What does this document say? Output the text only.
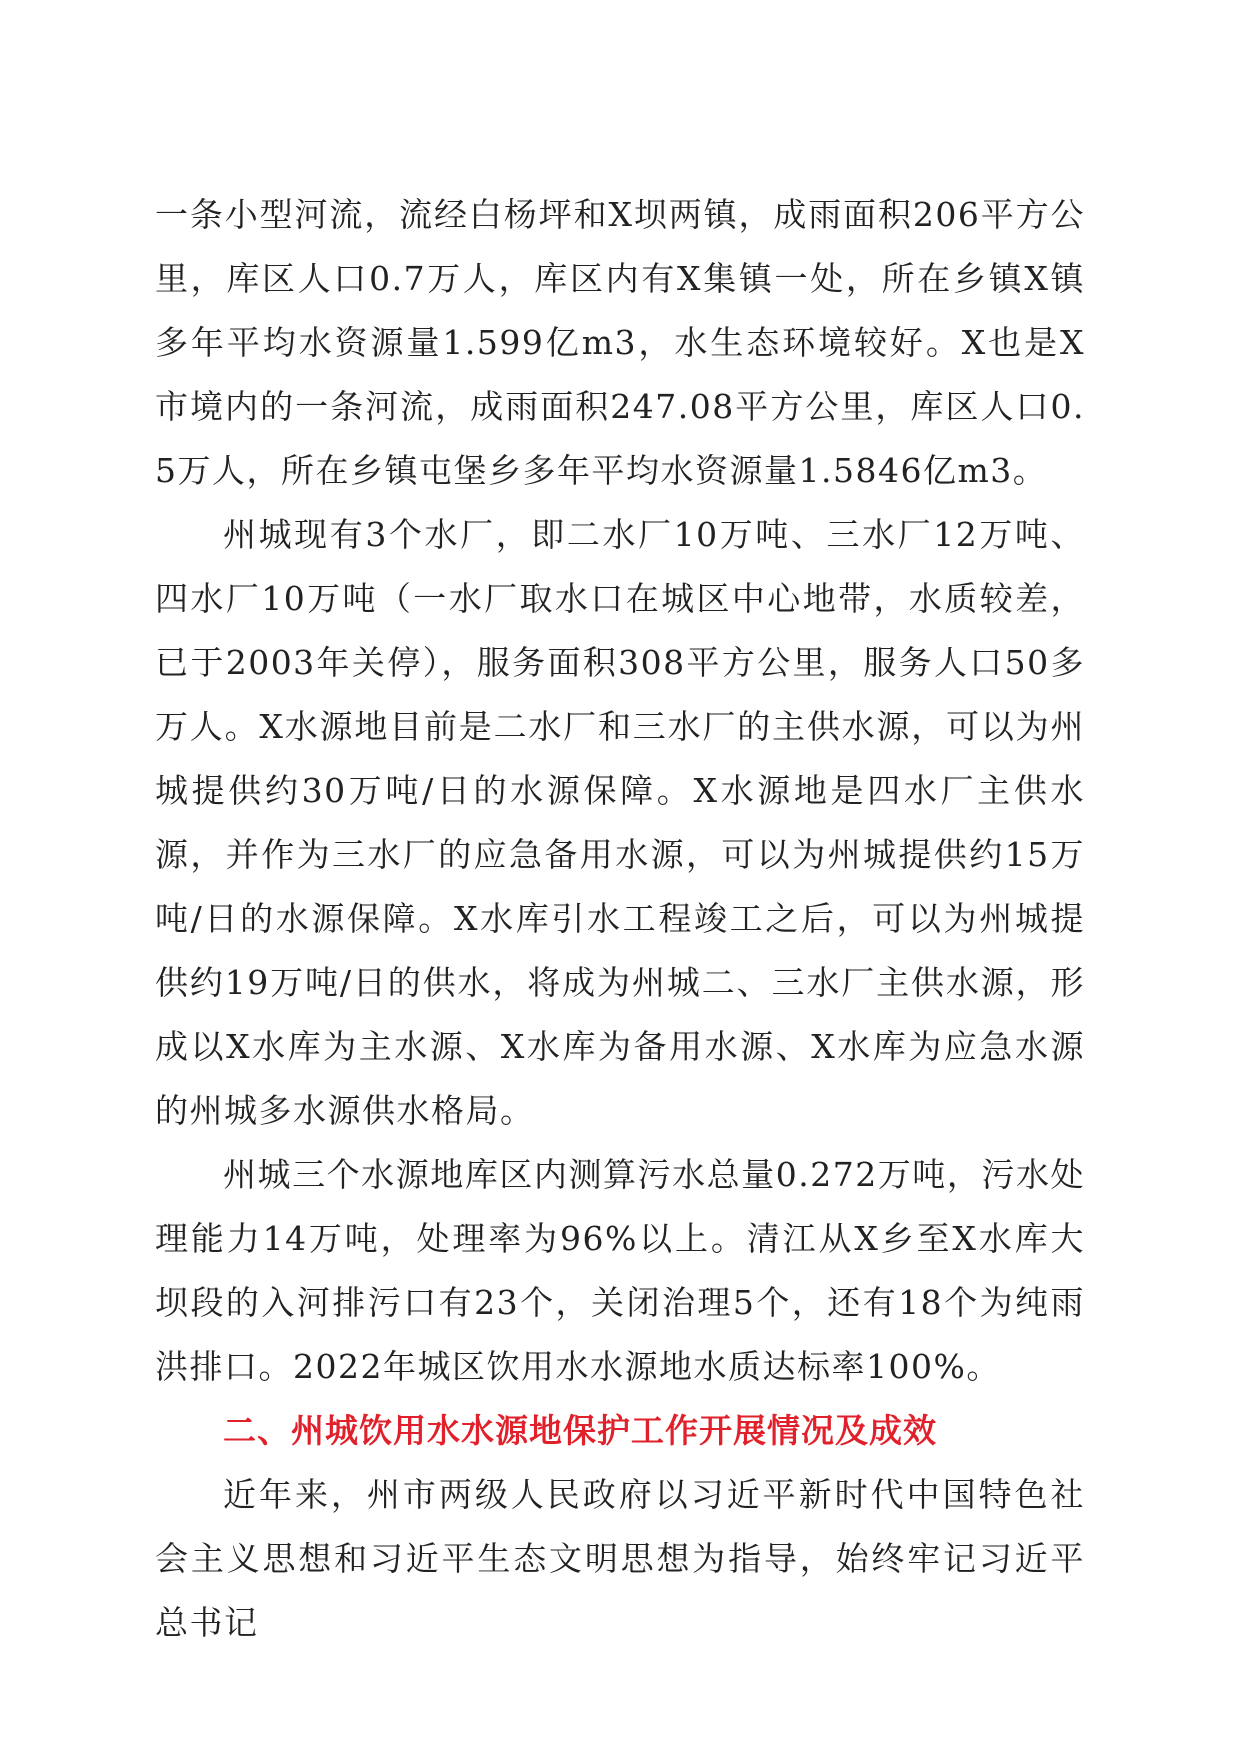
一条小型河流，流经白杨坪和X坝两镇，成雨面积206平方公里，库区人口0.7万人，库区内有X集镇一处，所在乡镇X镇多年平均水资源量1.599亿m3，水生态环境较好。X也是X市境内的一条河流，成雨面积247.08平方公里，库区人口0.5万人，所在乡镇屯堡乡多年平均水资源量1.5846亿m3。

州城现有3个水厂，即二水厂10万吨、三水厂12万吨、四水厂10万吨（一水厂取水口在城区中心地带，水质较差，已于2003年关停），服务面积308平方公里，服务人口50多万人。X水源地目前是二水厂和三水厂的主供水源，可以为州城提供约30万吨/日的水源保障。X水源地是四水厂主供水源，并作为三水厂的应急备用水源，可以为州城提供约15万吨/日的水源保障。X水库引水工程竣工之后，可以为州城提供约19万吨/日的供水，将成为州城二、三水厂主供水源，形成以X水库为主水源、X水库为备用水源、X水库为应急水源的州城多水源供水格局。

州城三个水源地库区内测算污水总量0.272万吨，污水处理能力14万吨，处理率为96%以上。清江从X乡至X水库大坝段的入河排污口有23个，关闭治理5个，还有18个为纯雨洪排口。2022年城区饮用水水源地水质达标率100%。

二、州城饮用水水源地保护工作开展情况及成效

近年来，州市两级人民政府以习近平新时代中国特色社会主义思想和习近平生态文明思想为指导，始终牢记习近平总书记
